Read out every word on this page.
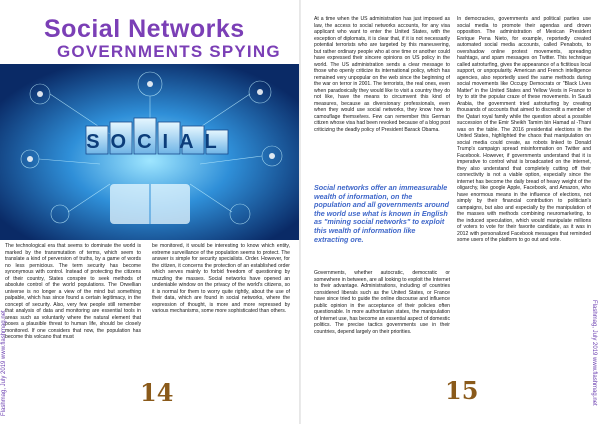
Social Networks
GOVERNMENTS SPYING
SOCIAL

The technological era that seems to dominate the world is marked by the transmutation of terms, which seem to translate a kind of perversion of truths, by a game of words no less pernicious. The term security has become synonymous with control. Instead of protecting the citizens of their country, States conspire to seek methods of absolute control of the world populations. The Orwellian universe is no longer a view of the mind but something palpable, which has since found a certain legitimacy, in the concept of security. Also, very few people still remember that analysis of data and monitoring are essential tools in areas such as voluntarily where the natural element that poses a plausible threat to human life, should be closely monitored. If one considers that now, the population has become this volcano that must

be monitored, it would be interesting to know which entity, extreme surveillance of the population seems to protect. The answer is simple for security specialists. Order. However, for the citizen, it concerns the protection of an established order which serves mainly to forbid freedom of questioning by muzzling the masses. Social networks have opened an undeniable window on the privacy of the world's citizens, so it is normal for them to worry quite rightly, about the use of their data, which are found in social networks, where the expression of thought, is more and more repressed by various mechanisms, some more sophisticated than others.

14

At a time when the US administration has just imposed as law, the access to social networks accounts, for any visa applicant who want to enter the United States, with the exception of diplomats, it is clear that, if it is not necessarily potential terrorists who are targeted by this maneuvering, but rather ordinary people who at one time or another could have expressed their sincere opinions on US policy in the world. The US administration sends a clear message to those who openly criticize its international policy, which has remained very unpopular on the web since the beginning of the war on terror in 2001. The terrorists, the real ones, even when paradoxically they would like to visit a country they do not like, have the means to circumvent this kind of measures, because as diversionary professionals, even when they would use social networks, they know how to camouflage themselves. Few can remember this German citizen whose visa had been revoked because of a blog post criticizing the deadly policy of President Barack Obama.

Social networks offer an immeasurable wealth of information, on the population and all governments around the world use what is known in English as "mining social networks" to exploit this wealth of information like extracting ore.

Governments, whether autocratic, democratic or somewhere in between, are all looking to exploit the Internet to their advantage. Administrations, including of countries considered liberals such as the United States, or France have since tried to guide the online discourse and influence public opinion in the acceptance of their policies often questionable. In more authoritarian states, the manipulation of Internet use, has become an essential aspect of domestic politics. The precise tactics governments use in their countries, depend largely on their priorities.

In democracies, governments and political parties use social media to promote their agendas and drown opposition. The administration of Mexican President Enrique Pena Nieto, for example, reportedly created automated social media accounts, called Penabots, to overshadow online protest movements, spreading hashtags, and spam messages on Twitter. This technique called astroturfing, gives the appearance of a fictitious local support, or unpopularity. American and French intelligence agencies, also reportedly used the same methods during social movements like Occupy Democrats or "Black Lives Matter" in the United States and Yellow Vests in France to try to stir the popular craze of these movements. In Saudi Arabia, the government tried astroturfing by creating thousands of accounts that aimed to discredit a member of the Qatari royal family while the question about a possible succession of the Emir Sheikh Tamim bin Hamad al -Thani was on the table. The 2016 presidential elections in the United States, highlighted the chaos that manipulation on social media could create, as robots linked to Donald Trump's campaign spread misinformation on Twitter and Facebook. However, if governments understand that it is imperative to control what is broadcasted on the internet, they also understand that completely cutting off their connectivity is not a viable option, especially since the internet has become the daily bread of heavy weight of the oligarchy, like google Apple, Facebook, and Amazon, who have enormous means in the influence of elections, not simply by their financial contribution to politician's campaigns, but also and especially by the manipulation of the masses with methods combining neuromarketing, to the induced speculation, which would manipulate millions of voters to vote for their favorite candidate, as it was in 2012 with personalized Facebook messages that reminded some users of the platform to go out and vote.

15
Flashmag, July 2019 www.flashmag.net	Flashmag, July 2019 www.flashmag.net
